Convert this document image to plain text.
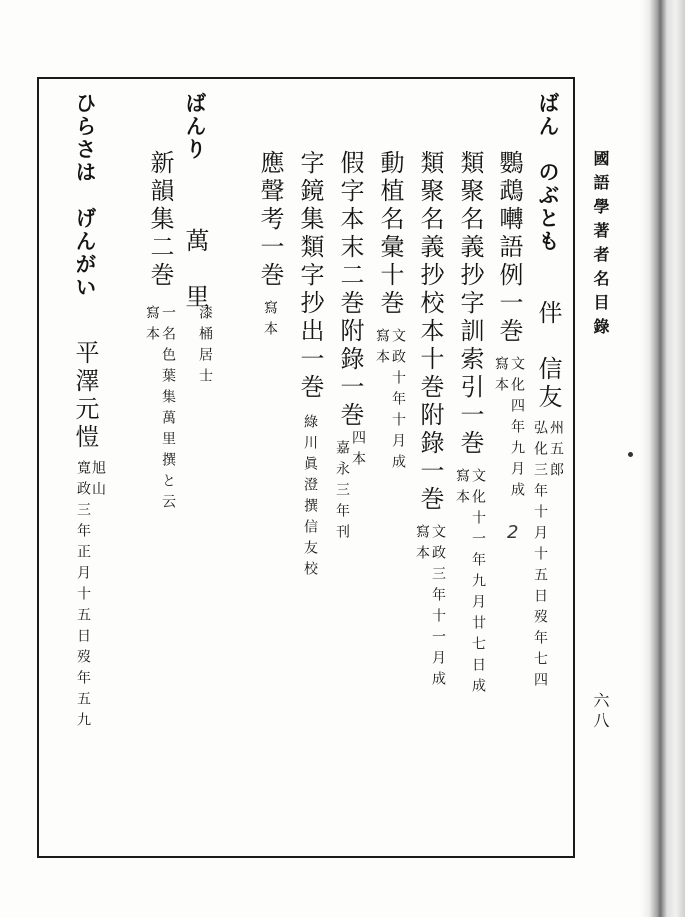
國語學著者名目錄
六八
ばん　のぶとも
伴　信友
州五郎
弘化三年十月十五日歿年七四
鸚鵡囀語例一巻
文化四年九月成
寫本
類聚名義抄字訓索引一巻
文化十一年九月廿七日成
寫本
類聚名義抄校本十巻附錄一巻
文政三年十一月成
寫本
動植名彙十巻
文政十年十月成
寫本
假字本末二巻附錄一巻
四本
嘉永三年刊
字鏡集類字抄出一巻
綠川眞澄撰信友校
應聲考一巻
寫本
2
ばんり
萬　里
漆桶居士
新韻集二巻
一名色葉集萬里撰と云
寫本
ひらさは　げんがい
平澤元愷
旭山
寛政三年正月十五日歿年五九
